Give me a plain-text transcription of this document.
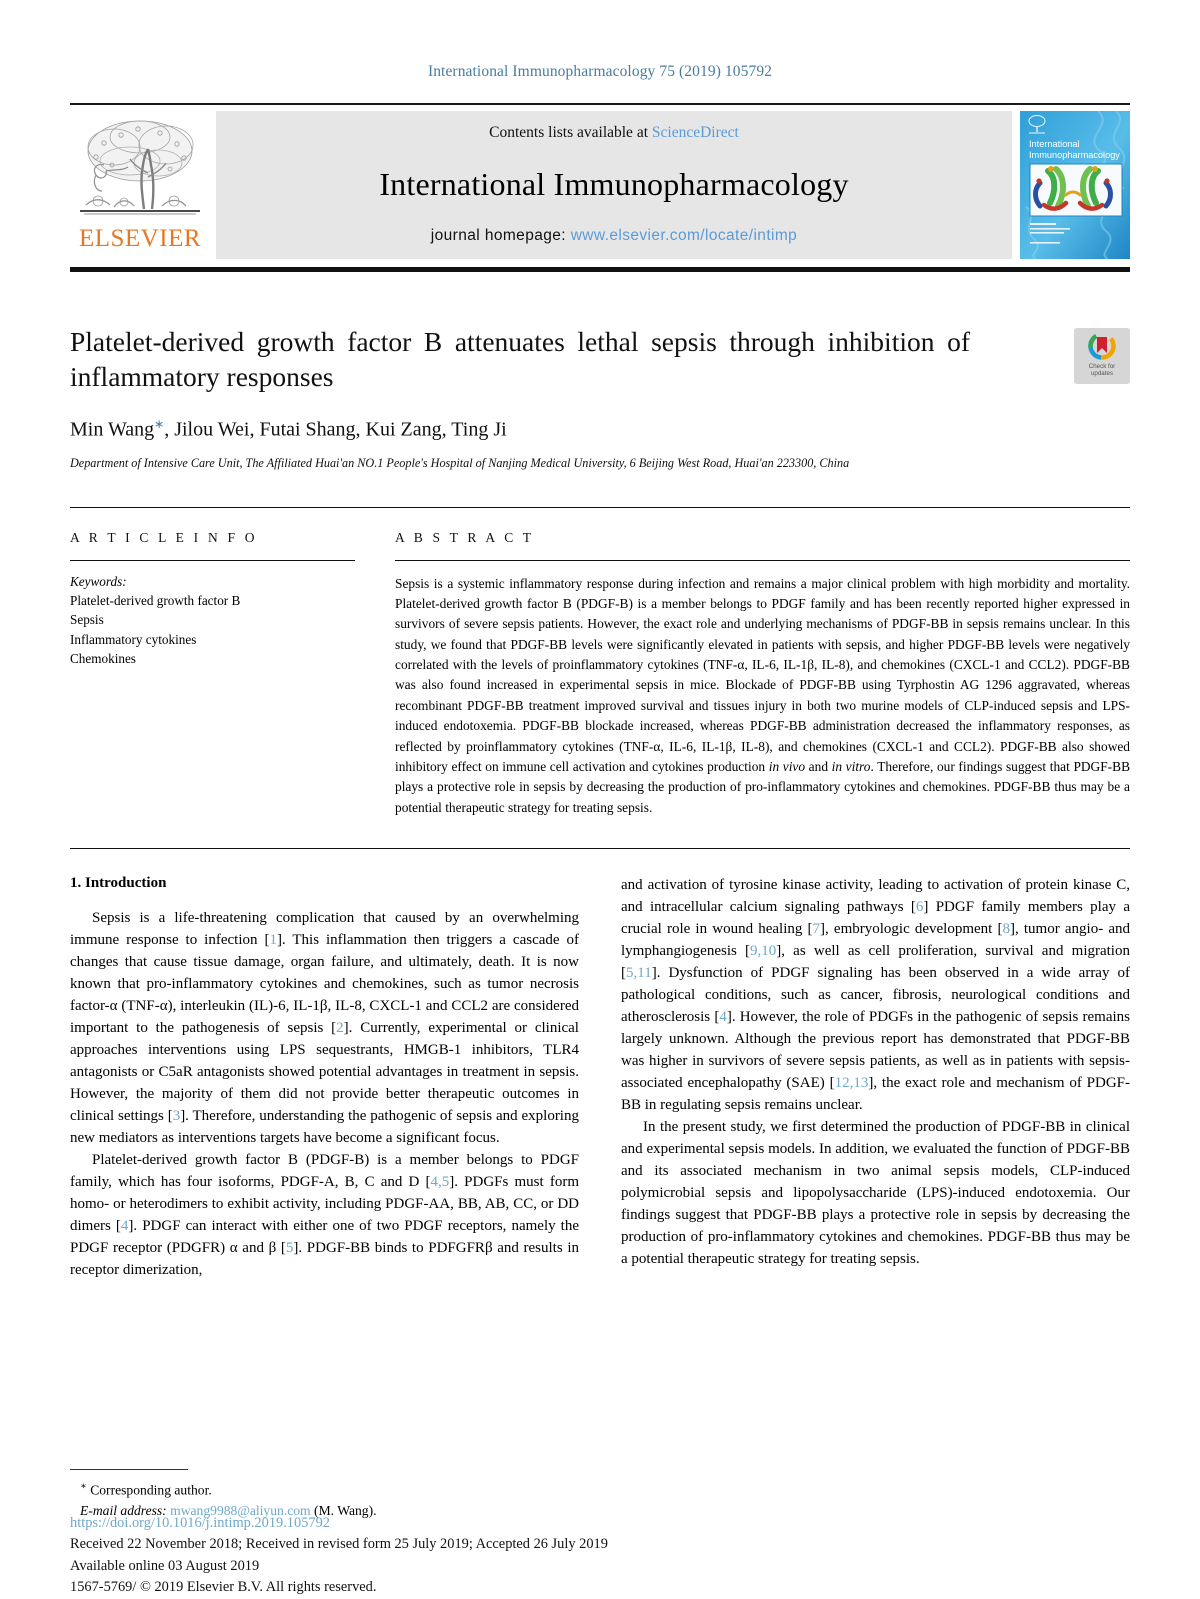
International Immunopharmacology 75 (2019) 105792
ELSEVIER
Contents lists available at ScienceDirect
International Immunopharmacology
journal homepage: www.elsevier.com/locate/intimp
International
Immunopharmacology
Platelet-derived growth factor B attenuates lethal sepsis through inhibition of inflammatory responses	Check for
updates
Min Wang∗, Jilou Wei, Futai Shang, Kui Zang, Ting Ji
Department of Intensive Care Unit, The Affiliated Huai'an NO.1 People's Hospital of Nanjing Medical University, 6 Beijing West Road, Huai'an 223300, China
A R T I C L E I N F O
Keywords:
Platelet-derived growth factor B
Sepsis
Inflammatory cytokines
Chemokines
A B S T R A C T

Sepsis is a systemic inflammatory response during infection and remains a major clinical problem with high morbidity and mortality. Platelet-derived growth factor B (PDGF-B) is a member belongs to PDGF family and has been recently reported higher expressed in survivors of severe sepsis patients. However, the exact role and underlying mechanisms of PDGF-BB in sepsis remains unclear. In this study, we found that PDGF-BB levels were significantly elevated in patients with sepsis, and higher PDGF-BB levels were negatively correlated with the levels of proinflammatory cytokines (TNF-α, IL-6, IL-1β, IL-8), and chemokines (CXCL-1 and CCL2). PDGF-BB was also found increased in experimental sepsis in mice. Blockade of PDGF-BB using Tyrphostin AG 1296 aggravated, whereas recombinant PDGF-BB treatment improved survival and tissues injury in both two murine models of CLP-induced sepsis and LPS- induced endotoxemia. PDGF-BB blockade increased, whereas PDGF-BB administration decreased the inflammatory responses, as reflected by proinflammatory cytokines (TNF-α, IL-6, IL-1β, IL-8), and chemokines (CXCL-1 and CCL2). PDGF-BB also showed inhibitory effect on immune cell activation and cytokines production in vivo and in vitro. Therefore, our findings suggest that PDGF-BB plays a protective role in sepsis by decreasing the production of pro-inflammatory cytokines and chemokines. PDGF-BB thus may be a potential therapeutic strategy for treating sepsis.

1. Introduction

Sepsis is a life-threatening complication that caused by an overwhelming immune response to infection [1]. This inflammation then triggers a cascade of changes that cause tissue damage, organ failure, and ultimately, death. It is now known that pro-inflammatory cytokines and chemokines, such as tumor necrosis factor-α (TNF-α), interleukin (IL)-6, IL-1β, IL-8, CXCL-1 and CCL2 are considered important to the pathogenesis of sepsis [2]. Currently, experimental or clinical approaches interventions using LPS sequestrants, HMGB-1 inhibitors, TLR4 antagonists or C5aR antagonists showed potential advantages in treatment in sepsis. However, the majority of them did not provide better therapeutic outcomes in clinical settings [3]. Therefore, understanding the pathogenic of sepsis and exploring new mediators as interventions targets have become a significant focus.

Platelet-derived growth factor B (PDGF-B) is a member belongs to PDGF family, which has four isoforms, PDGF-A, B, C and D [4,5]. PDGFs must form homo- or heterodimers to exhibit activity, including PDGF-AA, BB, AB, CC, or DD dimers [4]. PDGF can interact with either one of two PDGF receptors, namely the PDGF receptor (PDGFR) α and β [5]. PDGF-BB binds to PDFGFRβ and results in receptor dimerization,

and activation of tyrosine kinase activity, leading to activation of protein kinase C, and intracellular calcium signaling pathways [6] PDGF family members play a crucial role in wound healing [7], embryologic development [8], tumor angio- and lymphangiogenesis [9,10], as well as cell proliferation, survival and migration [5,11]. Dysfunction of PDGF signaling has been observed in a wide array of pathological conditions, such as cancer, fibrosis, neurological conditions and atherosclerosis [4]. However, the role of PDGFs in the pathogenic of sepsis remains largely unknown. Although the previous report has demonstrated that PDGF-BB was higher in survivors of severe sepsis patients, as well as in patients with sepsis-associated encephalopathy (SAE) [12,13], the exact role and mechanism of PDGF-BB in regulating sepsis remains unclear.

In the present study, we first determined the production of PDGF-BB in clinical and experimental sepsis models. In addition, we evaluated the function of PDGF-BB and its associated mechanism in two animal sepsis models, CLP-induced polymicrobial sepsis and lipopolysaccharide (LPS)-induced endotoxemia. Our findings suggest that PDGF-BB plays a protective role in sepsis by decreasing the production of pro-inflammatory cytokines and chemokines. PDGF-BB thus may be a potential therapeutic strategy for treating sepsis.

∗ Corresponding author.
E-mail address: mwang9988@aliyun.com (M. Wang).
https://doi.org/10.1016/j.intimp.2019.105792
Received 22 November 2018; Received in revised form 25 July 2019; Accepted 26 July 2019
Available online 03 August 2019
1567-5769/ © 2019 Elsevier B.V. All rights reserved.
